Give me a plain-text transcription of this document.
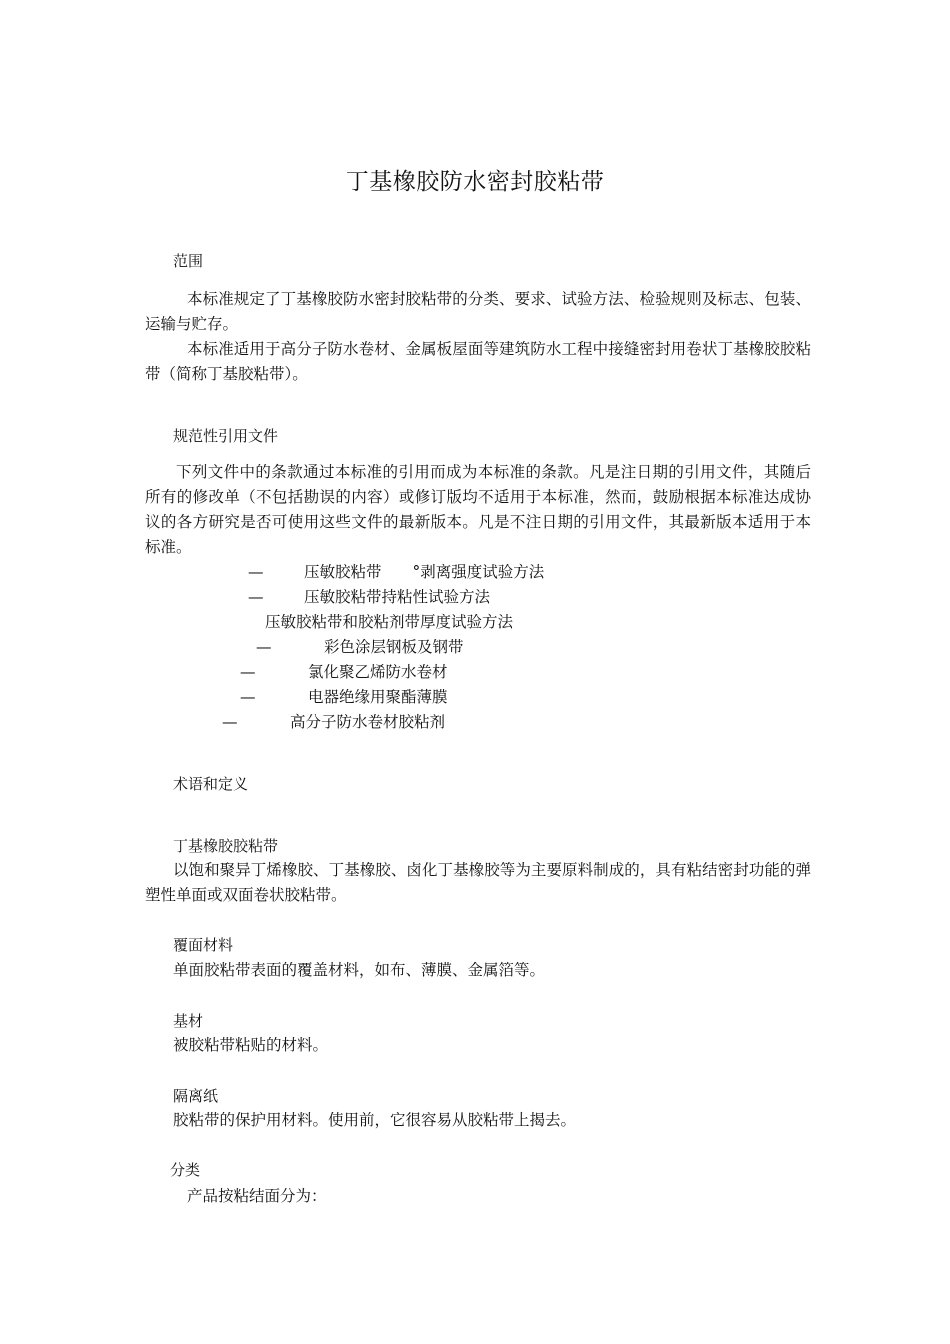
丁基橡胶防水密封胶粘带
范围
本标准规定了丁基橡胶防水密封胶粘带的分类、要求、试验方法、检验规则及标志、包装、运输与贮存。
本标准适用于高分子防水卷材、金属板屋面等建筑防水工程中接缝密封用卷状丁基橡胶胶粘带（简称丁基胶粘带）。
规范性引用文件
下列文件中的条款通过本标准的引用而成为本标准的条款。凡是注日期的引用文件，其随后所有的修改单（不包括勘误的内容）或修订版均不适用于本标准，然而，鼓励根据本标准达成协议的各方研究是否可使用这些文件的最新版本。凡是不注日期的引用文件，其最新版本适用于本标准。
—	压敏胶粘带　　°剥离强度试验方法
—	压敏胶粘带持粘性试验方法
压敏胶粘带和胶粘剂带厚度试验方法
—	彩色涂层钢板及钢带
—	氯化聚乙烯防水卷材
—	电器绝缘用聚酯薄膜
—	高分子防水卷材胶粘剂
术语和定义
丁基橡胶胶粘带
以饱和聚异丁烯橡胶、丁基橡胶、卤化丁基橡胶等为主要原料制成的，具有粘结密封功能的弹塑性单面或双面卷状胶粘带。
覆面材料
单面胶粘带表面的覆盖材料，如布、薄膜、金属箔等。
基材
被胶粘带粘贴的材料。
隔离纸
胶粘带的保护用材料。使用前，它很容易从胶粘带上揭去。
分类
产品按粘结面分为：
